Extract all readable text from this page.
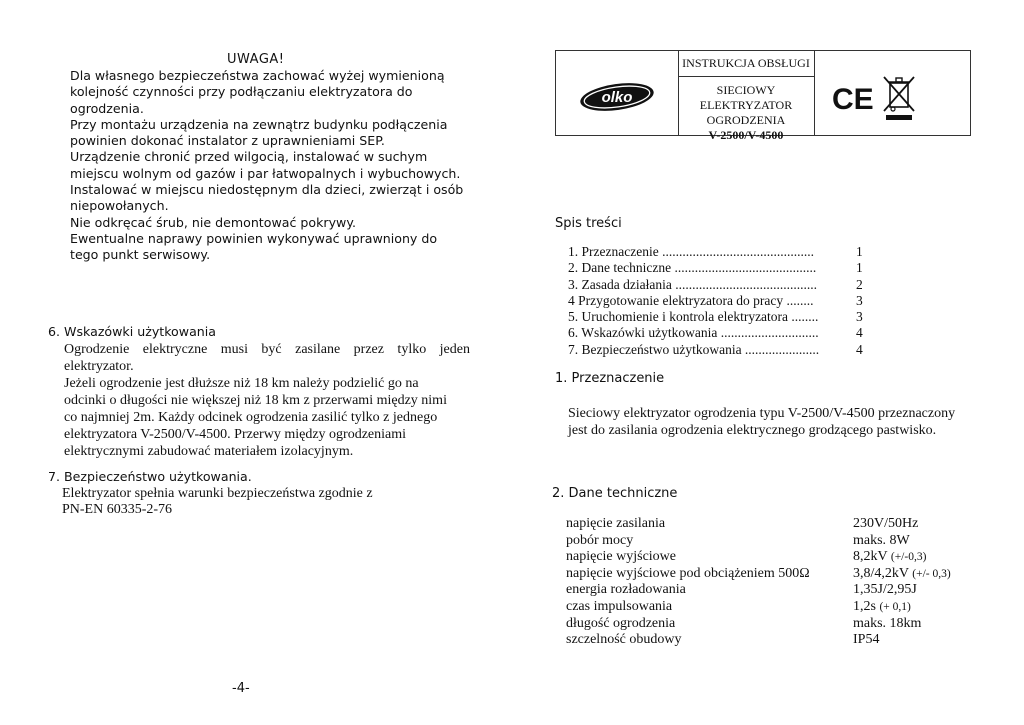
UWAGA!
Dla własnego bezpieczeństwa zachować wyżej wymienioną
kolejność czynności przy podłączaniu elektryzatora do
ogrodzenia.
Przy montażu urządzenia na zewnątrz budynku podłączenia
powinien dokonać instalator z uprawnieniami SEP.
Urządzenie chronić przed wilgocią, instalować w suchym
miejscu wolnym od gazów i par łatwopalnych i wybuchowych.
Instalować w miejscu niedostępnym dla dzieci, zwierząt i osób
niepowołanych.
Nie odkręcać śrub, nie demontować pokrywy.
Ewentualne naprawy powinien wykonywać uprawniony do
tego punkt serwisowy.
6. Wskazówki użytkowania

Ogrodzenie elektryczne musi być zasilane przez tylko jeden

elektryzator.

Jeżeli ogrodzenie jest dłuższe niż 18 km należy podzielić go na

odcinki o długości nie większej niż 18 km z przerwami między nimi

co najmniej 2m. Każdy odcinek ogrodzenia zasilić tylko z jednego

elektryzatora V-2500/V-4500. Przerwy między ogrodzeniami

elektrycznymi zabudować materiałem izolacyjnym.

7. Bezpieczeństwo użytkowania.
Elektryzator spełnia warunki bezpieczeństwa zgodnie z
PN-EN 60335-2-76
-4-
olko
INSTRUKCJA OBSŁUGI
SIECIOWY ELEKTRYZATOR
OGRODZENIA
V-2500/V-4500
CE
Spis treści
1. Przeznaczenie .............................................	1
2. Dane techniczne ..........................................	1
3. Zasada działania ..........................................	2
4 Przygotowanie elektryzatora do pracy ........	3
5. Uruchomienie i kontrola elektryzatora ........	3
6. Wskazówki użytkowania .............................	4
7. Bezpieczeństwo użytkowania ......................	4
1. Przeznaczenie
Sieciowy elektryzator ogrodzenia typu V-2500/V-4500 przeznaczony
jest do zasilania ogrodzenia elektrycznego grodzącego pastwisko.
2. Dane techniczne
napięcie zasilania	230V/50Hz
pobór mocy	maks. 8W
napięcie wyjściowe	8,2kV (+/-0,3)
napięcie wyjściowe pod obciążeniem 500Ω	3,8/4,2kV (+/- 0,3)
energia rozładowania	1,35J/2,95J
czas impulsowania	1,2s (+ 0,1)
długość ogrodzenia	maks. 18km
szczelność obudowy	IP54
